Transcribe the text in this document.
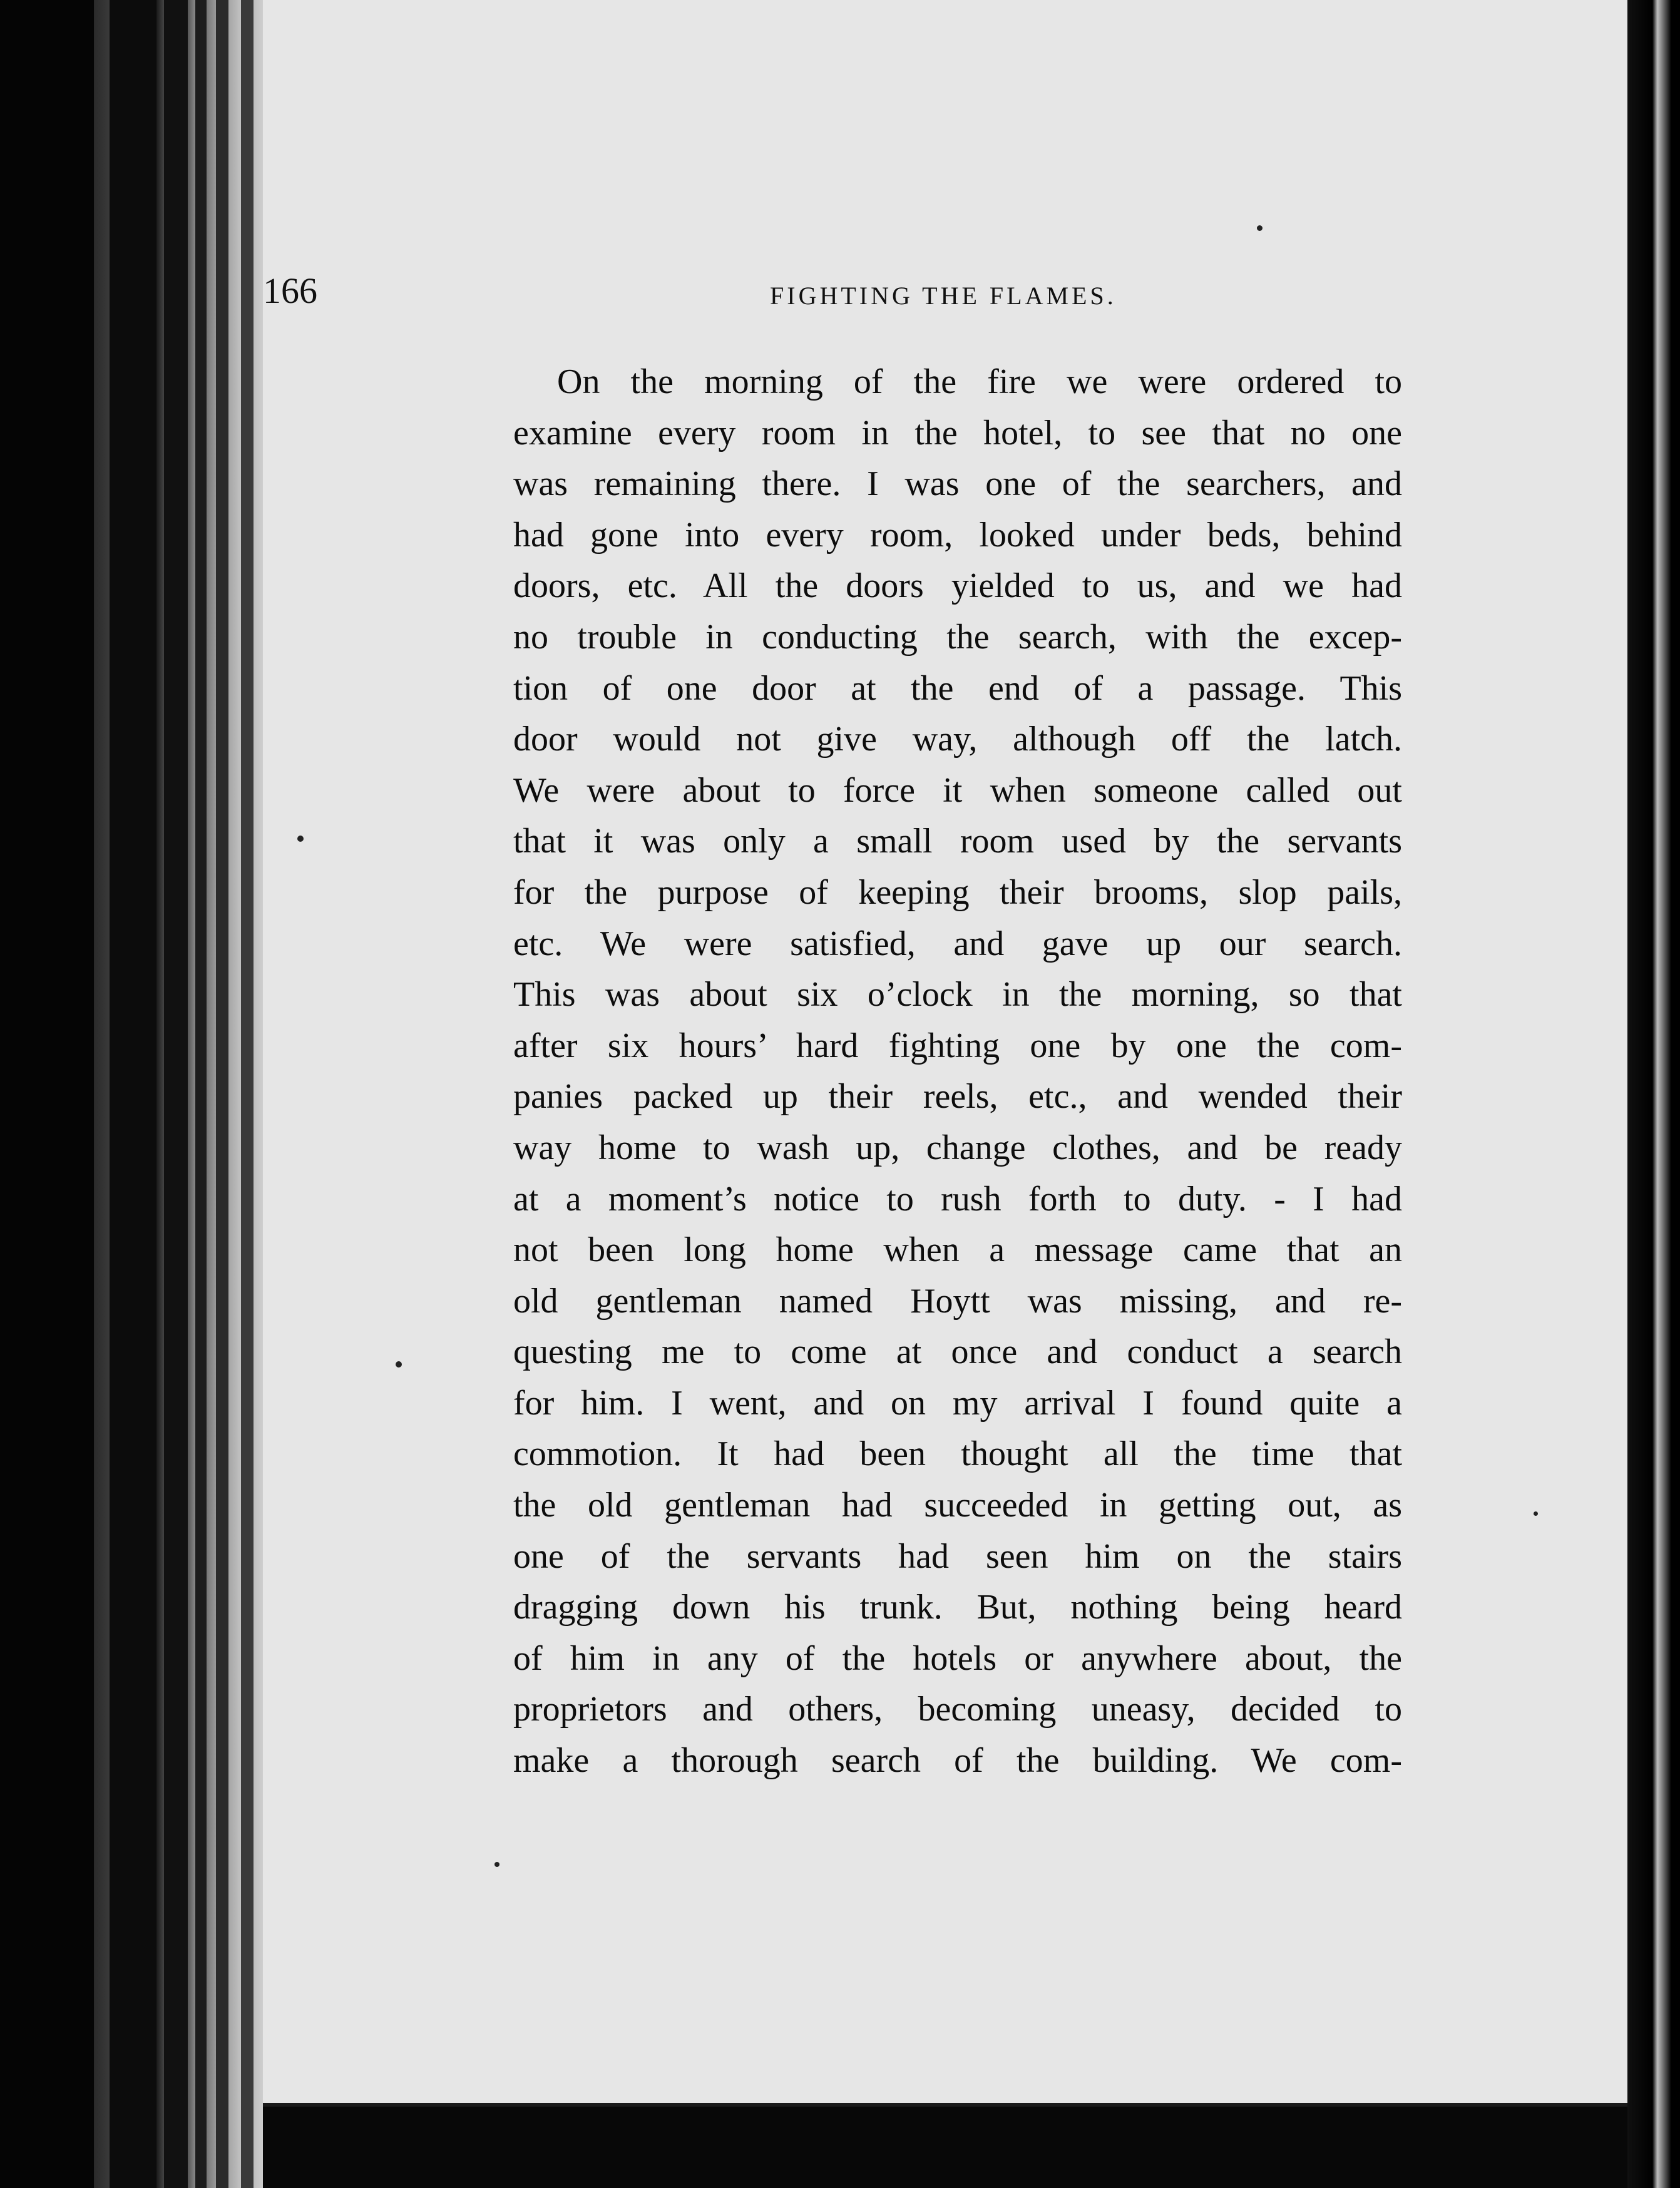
166	FIGHTING THE FLAMES.
On the morning of the fire we were ordered to
examine every room in the hotel, to see that no one
was remaining there. I was one of the searchers, and
had gone into every room, looked under beds, behind
doors, etc. All the doors yielded to us, and we had
no trouble in conducting the search, with the excep-
tion of one door at the end of a passage. This
door would not give way, although off the latch.
We were about to force it when someone called out
that it was only a small room used by the servants
for the purpose of keeping their brooms, slop pails,
etc. We were satisfied, and gave up our search.
This was about six o’clock in the morning, so that
after six hours’ hard fighting one by one the com-
panies packed up their reels, etc., and wended their
way home to wash up, change clothes, and be ready
at a moment’s notice to rush forth to duty. - I had
not been long home when a message came that an
old gentleman named Hoytt was missing, and re-
questing me to come at once and conduct a search
for him. I went, and on my arrival I found quite a
commotion. It had been thought all the time that
the old gentleman had succeeded in getting out, as
one of the servants had seen him on the stairs
dragging down his trunk. But, nothing being heard
of him in any of the hotels or anywhere about, the
proprietors and others, becoming uneasy, decided to
make a thorough search of the building. We com-
